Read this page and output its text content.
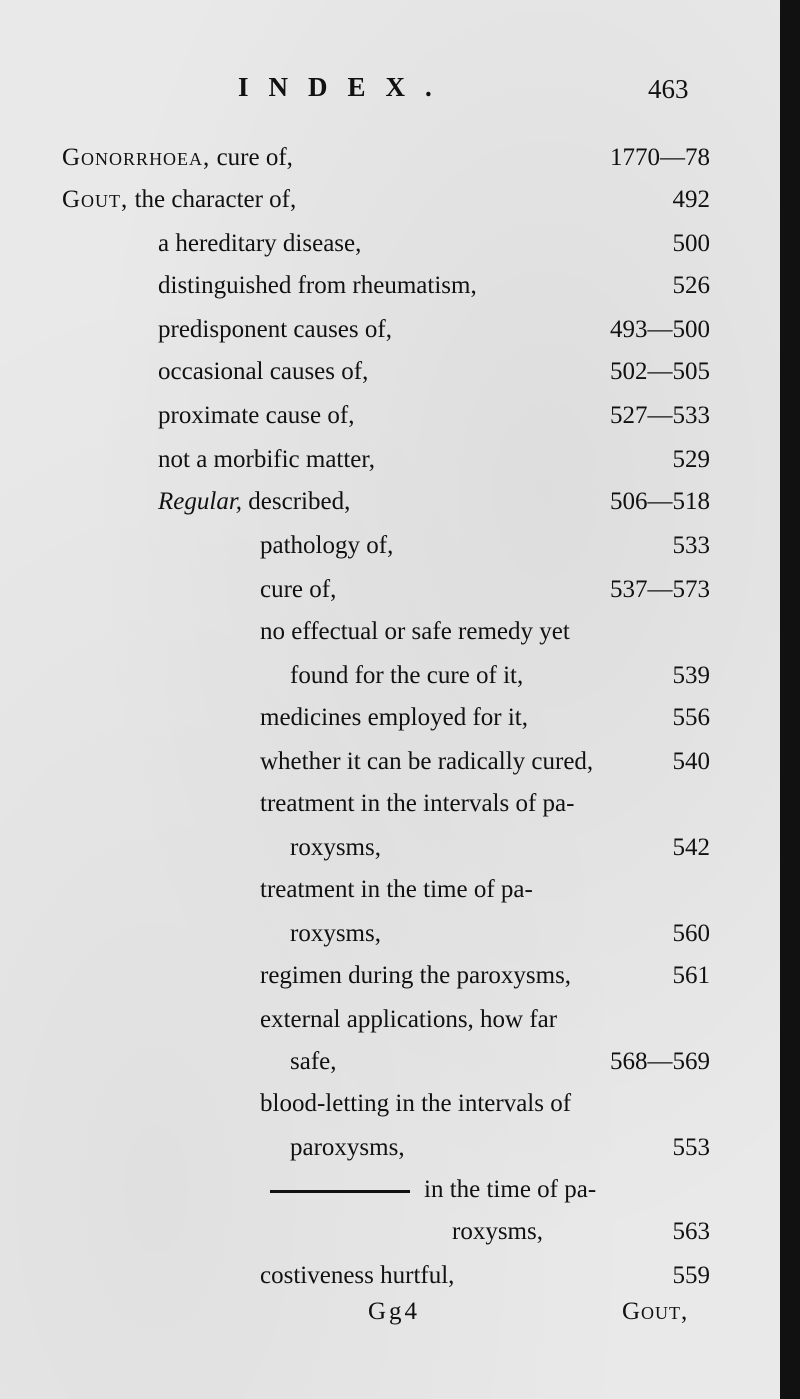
INDEX.	463
Gonorrhoea, cure of,	1770—78
Gout, the character of,	492
a hereditary disease,	500
distinguished from rheumatism,	526
predisponent causes of,	493—500
occasional causes of,	502—505
proximate cause of,	527—533
not a morbific matter,	529
Regular, described,	506—518
pathology of,	533
cure of,	537—573
no effectual or safe remedy yet
found for the cure of it,	539
medicines employed for it,	556
whether it can be radically cured,	540
treatment in the intervals of pa-
roxysms,	542
treatment in the time of pa-
roxysms,	560
regimen during the paroxysms,	561
external applications, how far
safe,	568—569
blood-letting in the intervals of
paroxysms,	553
in the time of pa-
roxysms,	563
costiveness hurtful,	559
Gg4	Gout,
